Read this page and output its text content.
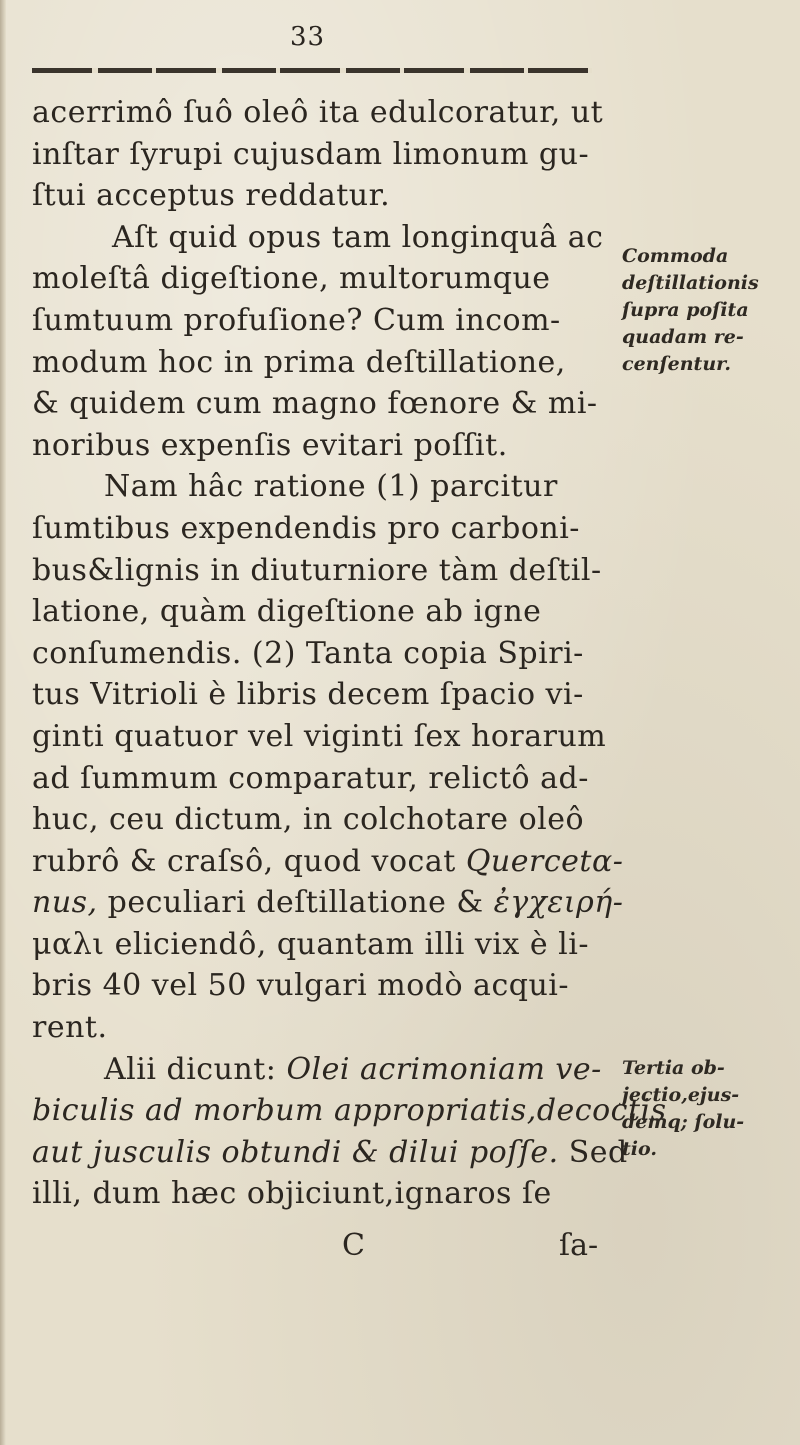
33
acerrimô ſuô oleô ita edulcoratur, ut
inſtar ſyrupi cujusdam limonum gu-
ſtui acceptus reddatur.
Aſt quid opus tam longinquâ ac
moleſtâ digeſtione, multorumque
ſumtuum profuſione? Cum incom-
modum hoc in prima deſtillatione,
& quidem cum magno fœnore & mi-
noribus expenſis evitari poſſit.
Nam hâc ratione (1) parcitur
ſumtibus expendendis pro carboni-
bus&lignis in diuturniore tàm deſtil-
latione, quàm digeſtione ab igne
conſumendis. (2) Tanta copia Spiri-
tus Vitrioli è libris decem ſpacio vi-
ginti quatuor vel viginti ſex horarum
ad ſummum comparatur, relictô ad-
huc, ceu dictum, in colchotare oleô
rubrô & craſsô, quod vocat Quercetα-
nus, peculiari deſtillatione & ἐγχειρή-
μαλι eliciendô, quantam illi vix è li-
bris 40 vel 50 vulgari modò acqui-
rent.
Alii dicunt: Olei acrimoniam ve-
biculis ad morbum appropriatis,decoctis
aut jusculis obtundi & dilui poſſe. Sed
illi, dum hæc objiciunt,ignaros ſe
Commoda
deſtillationis
ſupra poſita
quadam re-
cenſentur.
Tertia ob-
jectio,ejus-
demq; ſolu-
tio.
C	ſa-
